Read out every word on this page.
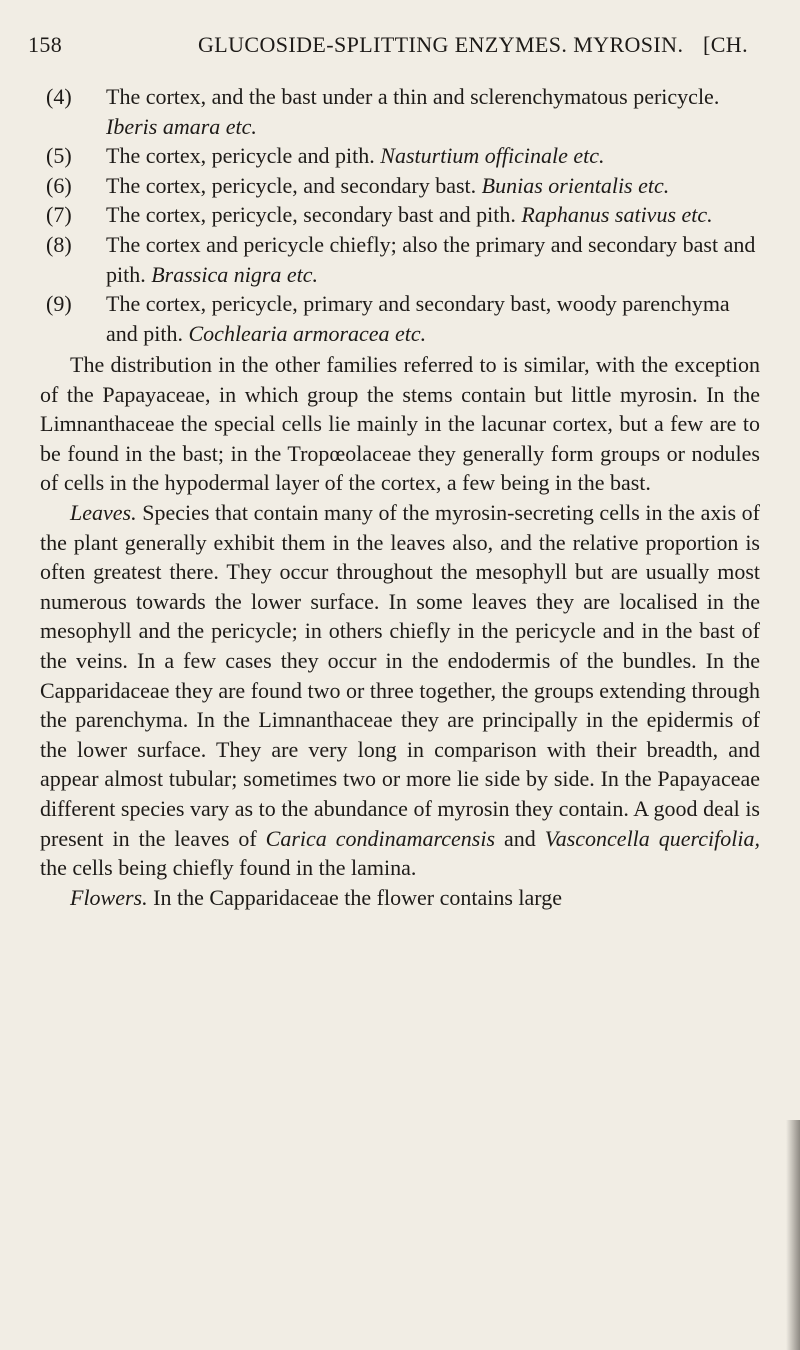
158	GLUCOSIDE-SPLITTING ENZYMES. MYROSIN. [CH.
(4)	The cortex, and the bast under a thin and sclerenchymatous pericycle. Iberis amara etc.
(5)	The cortex, pericycle and pith. Nasturtium officinale etc.
(6)	The cortex, pericycle, and secondary bast. Bunias orientalis etc.
(7)	The cortex, pericycle, secondary bast and pith. Raphanus sativus etc.
(8)	The cortex and pericycle chiefly; also the primary and secondary bast and pith. Brassica nigra etc.
(9)	The cortex, pericycle, primary and secondary bast, woody parenchyma and pith. Cochlearia armoracea etc.

The distribution in the other families referred to is similar, with the exception of the Papayaceae, in which group the stems contain but little myrosin. In the Limnanthaceae the special cells lie mainly in the lacunar cortex, but a few are to be found in the bast; in the Tropœolaceae they generally form groups or nodules of cells in the hypodermal layer of the cortex, a few being in the bast.

Leaves. Species that contain many of the myrosin-secreting cells in the axis of the plant generally exhibit them in the leaves also, and the relative proportion is often greatest there. They occur throughout the mesophyll but are usually most numerous towards the lower surface. In some leaves they are localised in the mesophyll and the pericycle; in others chiefly in the pericycle and in the bast of the veins. In a few cases they occur in the endodermis of the bundles. In the Capparidaceae they are found two or three together, the groups extending through the parenchyma. In the Limnanthaceae they are principally in the epidermis of the lower surface. They are very long in comparison with their breadth, and appear almost tubular; sometimes two or more lie side by side. In the Papayaceae different species vary as to the abundance of myrosin they contain. A good deal is present in the leaves of Carica condinamarcensis and Vasconcella quercifolia, the cells being chiefly found in the lamina.

Flowers. In the Capparidaceae the flower contains large
